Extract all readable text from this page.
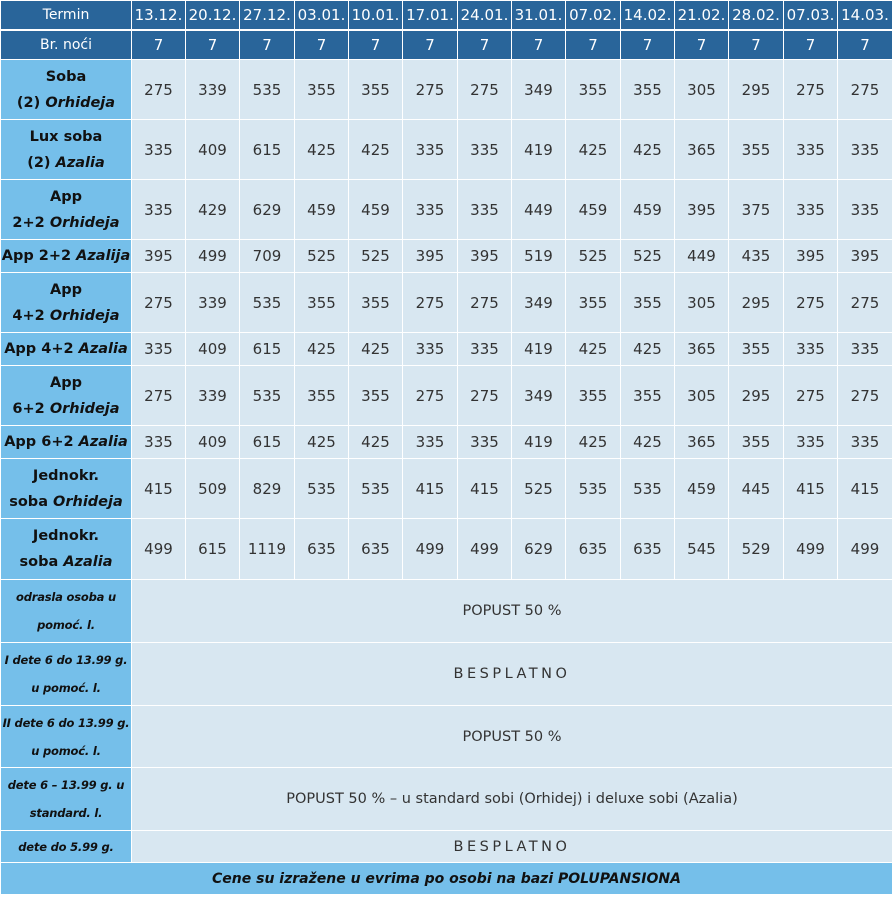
Termin	13.12.	20.12.	27.12.	03.01.	10.01.	17.01.	24.01.	31.01.	07.02.	14.02.	21.02.	28.02.	07.03.	14.03.
Br. noći	7	7	7	7	7	7	7	7	7	7	7	7	7	7

Soba
(2) Orhideja	275	339	535	355	355	275	275	349	355	355	305	295	275	275

Lux soba
(2) Azalia	335	409	615	425	425	335	335	419	425	425	365	355	335	335

App
2+2 Orhideja	335	429	629	459	459	335	335	449	459	459	395	375	335	335

App 2+2 Azalija	395	499	709	525	525	395	395	519	525	525	449	435	395	395

App
4+2 Orhideja	275	339	535	355	355	275	275	349	355	355	305	295	275	275

App 4+2 Azalia	335	409	615	425	425	335	335	419	425	425	365	355	335	335

App
6+2 Orhideja	275	339	535	355	355	275	275	349	355	355	305	295	275	275

App 6+2 Azalia	335	409	615	425	425	335	335	419	425	425	365	355	335	335

Jednokr.
soba Orhideja	415	509	829	535	535	415	415	525	535	535	459	445	415	415

Jednokr.
soba Azalia	499	615	1119	635	635	499	499	629	635	635	545	529	499	499

odrasla osoba u
pomoć. l.	POPUST 50 %													

I dete 6 do 13.99 g.
u pomoć. l.	BESPLATNO													

II dete 6 do 13.99 g.
u pomoć. l.	POPUST 50 %													

dete 6 – 13.99 g. u
standard. l.	POPUST 50 % – u standard sobi (Orhidej) i deluxe sobi (Azalia)													

dete do 5.99 g.	BESPLATNO													
Cene su izražene u evrima po osobi na bazi POLUPANSIONA														
